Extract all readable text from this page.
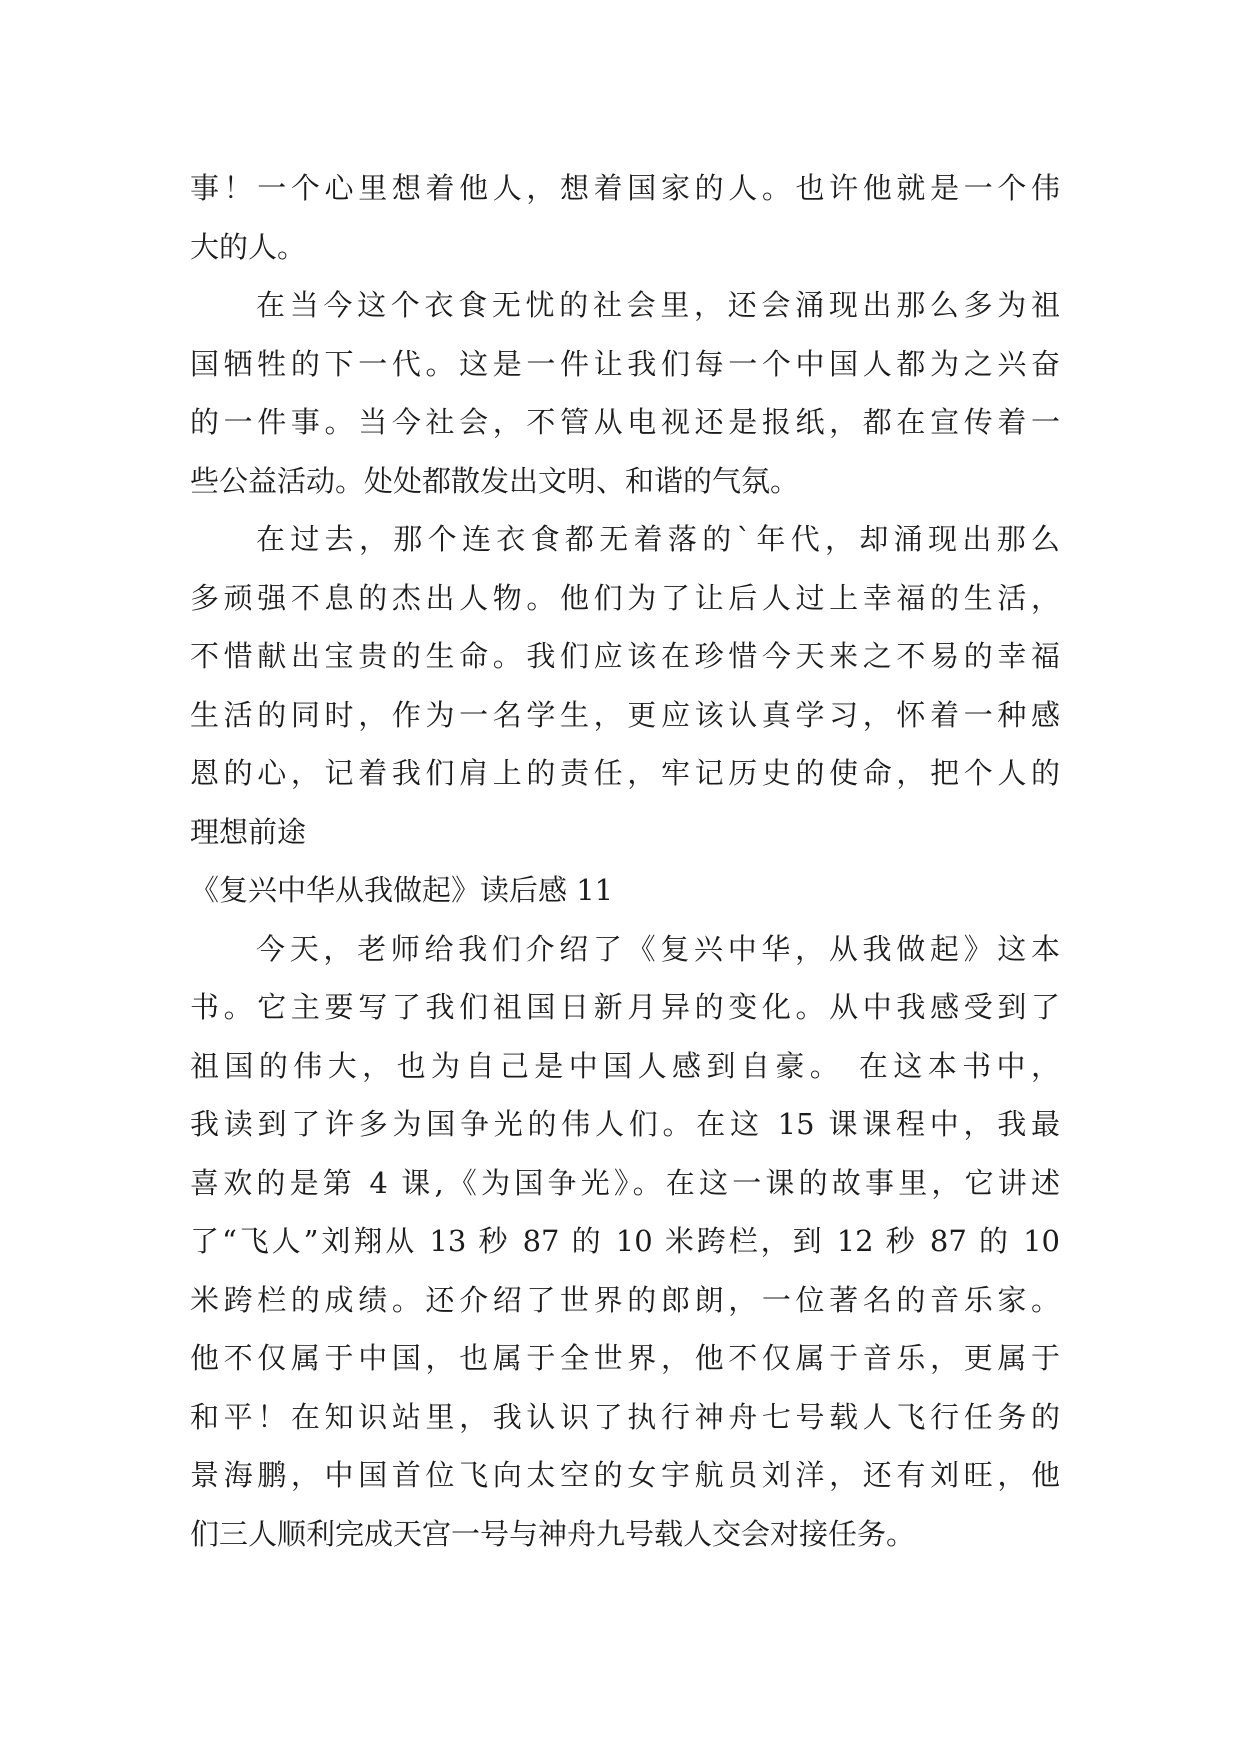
事！一个心里想着他人，想着国家的人。也许他就是一个伟
大的人。
在当今这个衣食无忧的社会里，还会涌现出那么多为祖
国牺牲的下一代。这是一件让我们每一个中国人都为之兴奋
的一件事。当今社会，不管从电视还是报纸，都在宣传着一
些公益活动。处处都散发出文明、和谐的气氛。
在过去，那个连衣食都无着落的`年代，却涌现出那么
多顽强不息的杰出人物。他们为了让后人过上幸福的生活，
不惜献出宝贵的生命。我们应该在珍惜今天来之不易的幸福
生活的同时，作为一名学生，更应该认真学习，怀着一种感
恩的心，记着我们肩上的责任，牢记历史的使命，把个人的
理想前途
《复兴中华从我做起》读后感 11
今天，老师给我们介绍了《复兴中华，从我做起》这本
书。它主要写了我们祖国日新月异的变化。从中我感受到了
祖国的伟大，也为自己是中国人感到自豪。 在这本书中，
我读到了许多为国争光的伟人们。在这 15 课课程中，我最
喜欢的是第 4 课,《为国争光》。在这一课的故事里，它讲述
了“飞人”刘翔从 13 秒 87 的 10 米跨栏，到 12 秒 87 的 10
米跨栏的成绩。还介绍了世界的郎朗，一位著名的音乐家。
他不仅属于中国，也属于全世界，他不仅属于音乐，更属于
和平！在知识站里，我认识了执行神舟七号载人飞行任务的
景海鹏，中国首位飞向太空的女宇航员刘洋，还有刘旺，他
们三人顺利完成天宫一号与神舟九号载人交会对接任务。
